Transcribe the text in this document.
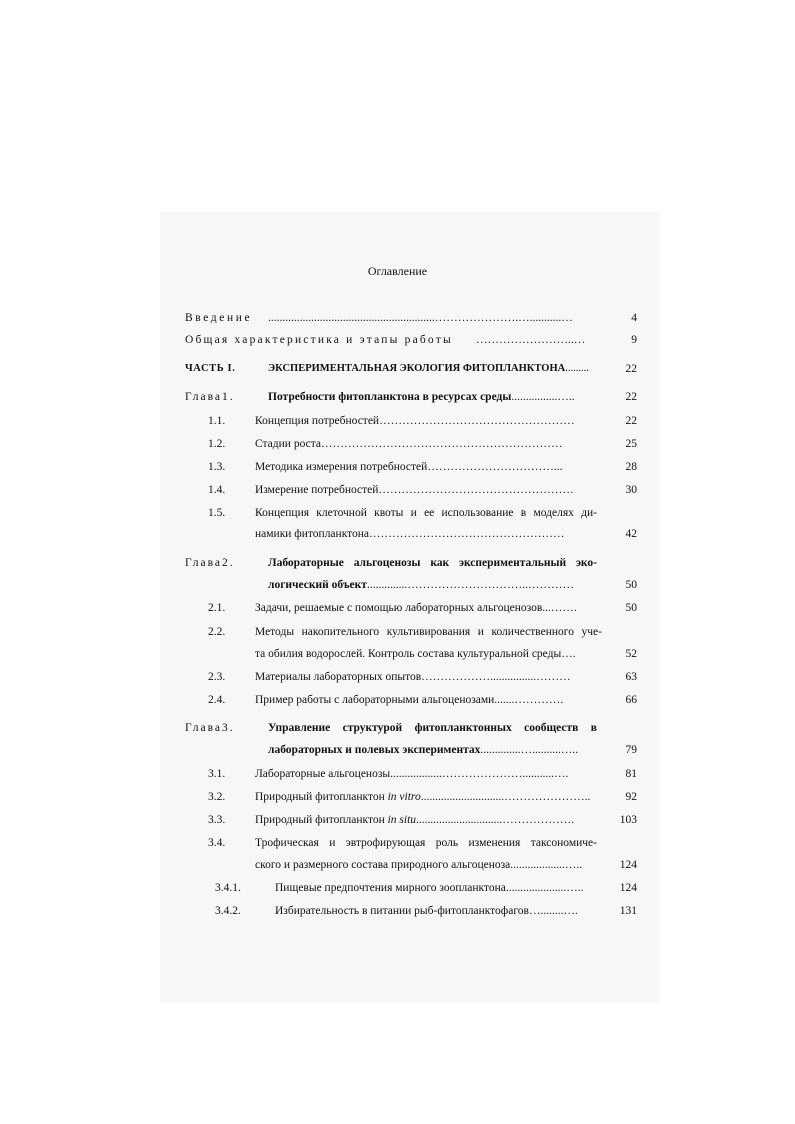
Оглавление
Введение ..........................................................………………….…...........…	4
Общая характеристика и этапы работы ……………………..…	9
ЧАСТЬ I.	ЭКСПЕРИМЕНТАЛЬНАЯ ЭКОЛОГИЯ ФИТОПЛАНКТОНА.........	22
Глава1.	Потребности фитопланктона в ресурсах среды................…..	22
1.1.	Концепция потребностей……………………………………………	22
1.2.	Стадии роста………………………………………………………	25
1.3.	Методика измерения потребностей……………………………...	28
1.4.	Измерение потребностей……………………………………………	30
1.5.	Концепция клеточной квоты и ее использование в моделях ди-
намики фитопланктона……………………………………………	42
Глава2.	Лабораторные альгоценозы как экспериментальный эко-
логический объект..............…………………………..…………	50
2.1.	Задачи, решаемые с помощью лабораторных альгоценозов...…….	50
2.2.	Методы накопительного культивирования и количественного уче-
та обилия водорослей. Контроль состава культуральной среды….	52
2.3.	Материалы лабораторных опытов………………................………	63
2.4.	Пример работы с лабораторными альгоценозами.......………….	66
Глава3.	Управление структурой фитопланктонных сообществ в
лабораторных и полевых экспериментах..............…..........…..	79
3.1.	Лабораторные альгоценозы..................…………………...........….	81
3.2.	Природный фитопланктон in vitro.............................…………………..	92
3.3.	Природный фитопланктон in situ..............................……………….	103
3.4.	Трофическая и эвтрофирующая роль изменения таксономиче-
ского и размерного состава природного альгоценоза...................…..	124
3.4.1.	Пищевые предпочтения мирного зоопланктона.....................…..	124
3.4.2.	Избирательность в питании рыб-фитопланктофагов…........….	131
